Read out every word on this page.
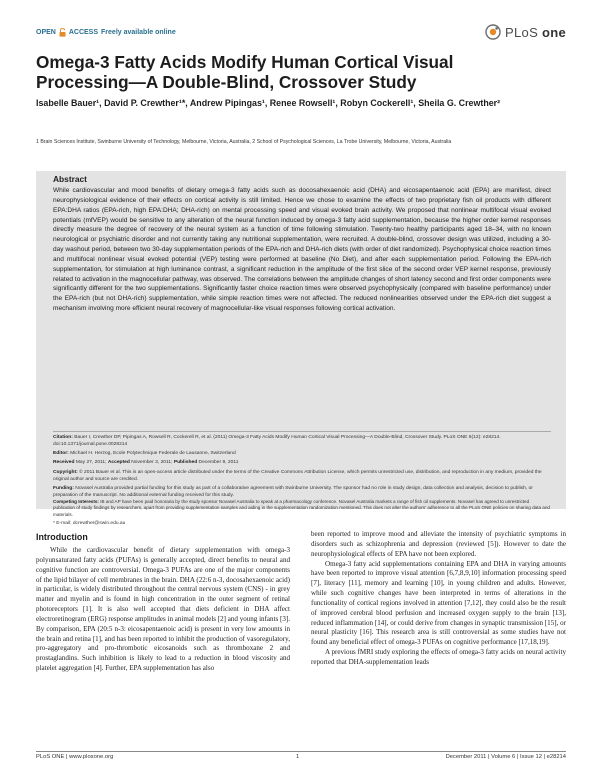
OPEN ACCESS Freely available online	PLoS one
Omega-3 Fatty Acids Modify Human Cortical Visual Processing—A Double-Blind, Crossover Study
Isabelle Bauer¹, David P. Crewther¹*, Andrew Pipingas¹, Renee Rowsell¹, Robyn Cockerell¹, Sheila G. Crewther²
1 Brain Sciences Institute, Swinburne University of Technology, Melbourne, Victoria, Australia, 2 School of Psychological Sciences, La Trobe University, Melbourne, Victoria, Australia
Abstract
While cardiovascular and mood benefits of dietary omega-3 fatty acids such as docosahexaenoic acid (DHA) and eicosapentaenoic acid (EPA) are manifest, direct neurophysiological evidence of their effects on cortical activity is still limited. Hence we chose to examine the effects of two proprietary fish oil products with different EPA:DHA ratios (EPA-rich, high EPA:DHA; DHA-rich) on mental processing speed and visual evoked brain activity. We proposed that nonlinear multifocal visual evoked potentials (mfVEP) would be sensitive to any alteration of the neural function induced by omega-3 fatty acid supplementation, because the higher order kernel responses directly measure the degree of recovery of the neural system as a function of time following stimulation. Twenty-two healthy participants aged 18–34, with no known neurological or psychiatric disorder and not currently taking any nutritional supplementation, were recruited. A double-blind, crossover design was utilized, including a 30-day washout period, between two 30-day supplementation periods of the EPA-rich and DHA-rich diets (with order of diet randomized). Psychophysical choice reaction times and multifocal nonlinear visual evoked potential (VEP) testing were performed at baseline (No Diet), and after each supplementation period. Following the EPA-rich supplementation, for stimulation at high luminance contrast, a significant reduction in the amplitude of the first slice of the second order VEP kernel response, previously related to activation in the magnocellular pathway, was observed. The correlations between the amplitude changes of short latency second and first order components were significantly different for the two supplementations. Significantly faster choice reaction times were observed psychophysically (compared with baseline performance) under the EPA-rich (but not DHA-rich) supplementation, while simple reaction times were not affected. The reduced nonlinearities observed under the EPA-rich diet suggest a mechanism involving more efficient neural recovery of magnocellular-like visual responses following cortical activation.
Citation: Bauer I, Crewther DP, Pipingas A, Rowsell R, Cockerell R, et al. (2011) Omega-3 Fatty Acids Modify Human Cortical Visual Processing—A Double-Blind, Crossover Study. PLoS ONE 6(12): e28214. doi:10.1371/journal.pone.0028214
Editor: Michael H. Herzog, Ecole Polytechnique Federale de Lausanne, Switzerland
Received May 27, 2011; Accepted November 3, 2011; Published December 9, 2011
Copyright: © 2011 Bauer et al. This is an open-access article distributed under the terms of the Creative Commons Attribution License, which permits unrestricted use, distribution, and reproduction in any medium, provided the original author and source are credited.
Funding: Novasel Australia provided partial funding for this study as part of a collaborative agreement with Swinburne University. The sponsor had no role in study design, data collection and analysis, decision to publish, or preparation of the manuscript. No additional external funding received for this study.
Competing Interests: IB and AP have been paid honoraria by the study sponsor Novasel Australia to speak at a pharmacology conference. Novasel Australia markets a range of fish oil supplements. Novasel has agreed to unrestricted publication of study findings by researchers, apart from providing supplementation samples and aiding in the supplementation randomization mentioned. This does not alter the authors' adherence to all the PLoS ONE policies on sharing data and materials.
* E-mail: dcrewther@swin.edu.au
Introduction

While the cardiovascular benefit of dietary supplementation with omega-3 polyunsaturated fatty acids (PUFAs) is generally accepted, direct benefits to neural and cognitive function are controversial. Omega-3 PUFAs are one of the major components of the lipid bilayer of cell membranes in the brain. DHA (22:6 n-3, docosahexaenoic acid) in particular, is widely distributed throughout the central nervous system (CNS) - in grey matter and myelin and is found in high concentration in the outer segment of retinal photoreceptors [1]. It is also well accepted that diets deficient in DHA affect electroretinogram (ERG) response amplitudes in animal models [2] and young infants [3]. By comparison, EPA (20:5 n-3: eicosapentaenoic acid) is present in very low amounts in the brain and retina [1], and has been reported to inhibit the production of vasoregulatory, pro-aggregatory and pro-thrombotic eicosanoids such as thromboxane 2 and prostaglandins. Such inhibition is likely to lead to a reduction in blood viscosity and platelet aggregation [4]. Further, EPA supplementation has also

been reported to improve mood and alleviate the intensity of psychiatric symptoms in disorders such as schizophrenia and depression (reviewed [5]). However to date the neurophysiological effects of EPA have not been explored.

Omega-3 fatty acid supplementations containing EPA and DHA in varying amounts have been reported to improve visual attention [6,7,8,9,10] information processing speed [7], literacy [11], memory and learning [10], in young children and adults. However, while such cognitive changes have been interpreted in terms of alterations in the functionality of cortical regions involved in attention [7,12], they could also be the result of improved cerebral blood perfusion and increased oxygen supply to the brain [13], reduced inflammation [14], or could derive from changes in synaptic transmission [15], or neural plasticity [16]. This research area is still controversial as some studies have not found any beneficial effect of omega-3 PUFAs on cognitive performance [17,18,19].

A previous fMRI study exploring the effects of omega-3 fatty acids on neural activity reported that DHA-supplementation leads

PLoS ONE | www.plosone.org	1	December 2011 | Volume 6 | Issue 12 | e28214
